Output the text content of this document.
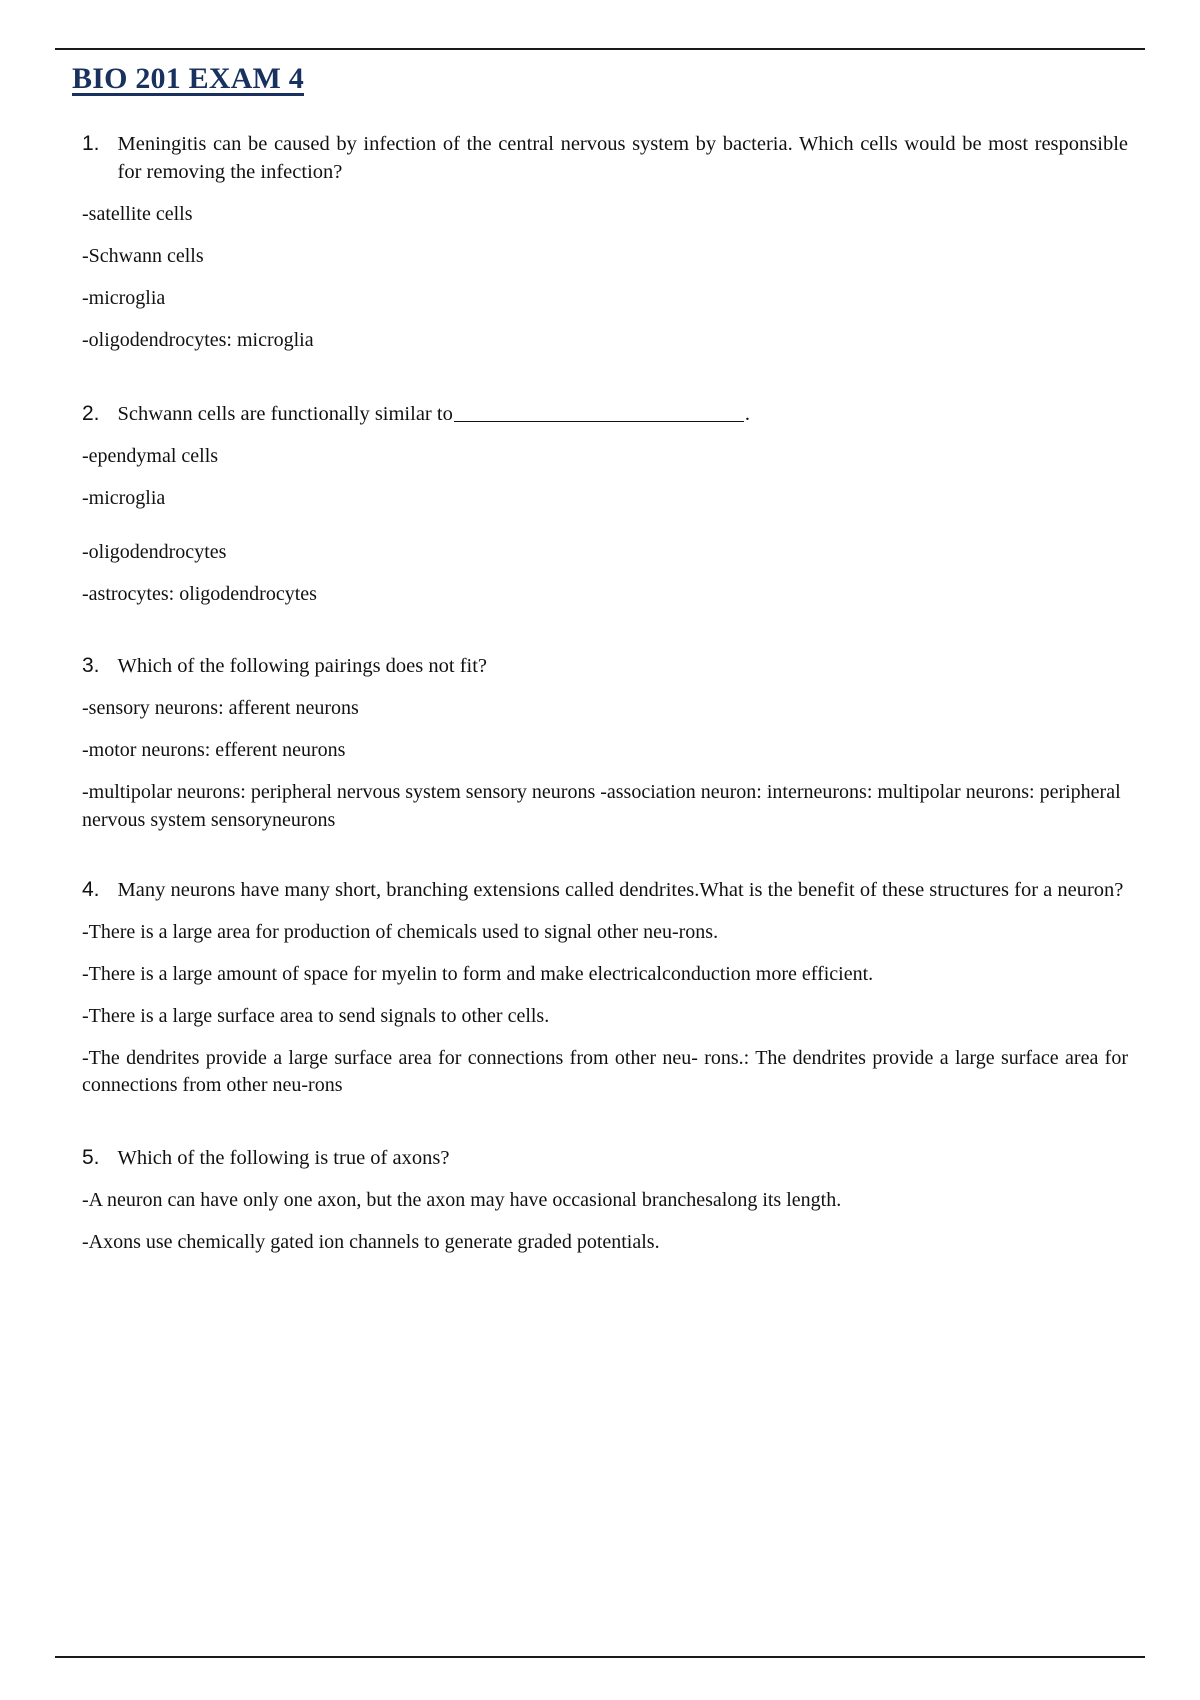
BIO 201 EXAM 4
1. Meningitis can be caused by infection of the central nervous system by bacteria. Which cells would be most responsible for removing the infection?
-satellite cells
-Schwann cells
-microglia
-oligodendrocytes: microglia
2. Schwann cells are functionally similar to	.
-ependymal cells
-microglia
-oligodendrocytes
-astrocytes: oligodendrocytes
3. Which of the following pairings does not fit?
-sensory neurons: afferent neurons
-motor neurons: efferent neurons
-multipolar neurons: peripheral nervous system sensory neurons -association neuron: interneurons: multipolar neurons: peripheral nervous system sensoryneurons
4. Many neurons have many short, branching extensions called dendrites.What is the benefit of these structures for a neuron?
-There is a large area for production of chemicals used to signal other neu-rons.
-There is a large amount of space for myelin to form and make electricalconduction more efficient.
-There is a large surface area to send signals to other cells.
-The dendrites provide a large surface area for connections from other neu- rons.: The dendrites provide a large surface area for connections from other neu-rons
5. Which of the following is true of axons?
-A neuron can have only one axon, but the axon may have occasional branchesalong its length.
-Axons use chemically gated ion channels to generate graded potentials.
